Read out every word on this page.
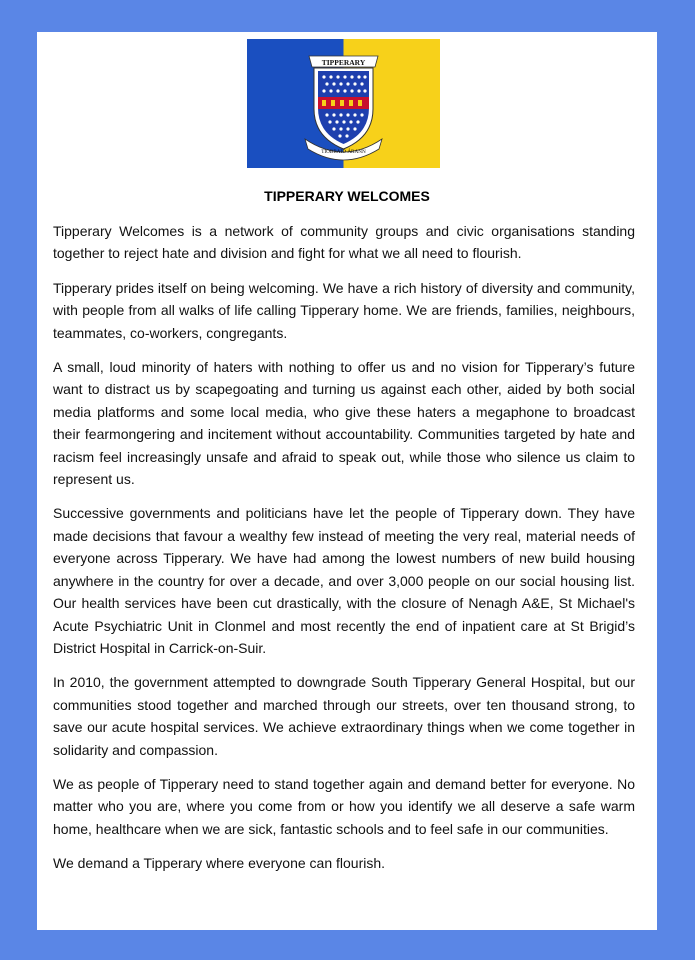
TIPPERARY
TIOBRAID ÁRANN
TIPPERARY WELCOMES

Tipperary Welcomes is a network of community groups and civic organisations standing together to reject hate and division and fight for what we all need to flourish.

Tipperary prides itself on being welcoming. We have a rich history of diversity and community, with people from all walks of life calling Tipperary home. We are friends, families, neighbours, teammates, co-workers, congregants.

A small, loud minority of haters with nothing to offer us and no vision for Tipperary’s future want to distract us by scapegoating and turning us against each other, aided by both social media platforms and some local media, who give these haters a megaphone to broadcast their fearmongering and incitement without accountability. Communities targeted by hate and racism feel increasingly unsafe and afraid to speak out, while those who silence us claim to represent us.

Successive governments and politicians have let the people of Tipperary down. They have made decisions that favour a wealthy few instead of meeting the very real, material needs of everyone across Tipperary. We have had among the lowest numbers of new build housing anywhere in the country for over a decade, and over 3,000 people on our social housing list. Our health services have been cut drastically, with the closure of Nenagh A&E, St Michael's Acute Psychiatric Unit in Clonmel and most recently the end of inpatient care at St Brigid’s District Hospital in Carrick-on-Suir.

In 2010, the government attempted to downgrade South Tipperary General Hospital, but our communities stood together and marched through our streets, over ten thousand strong, to save our acute hospital services. We achieve extraordinary things when we come together in solidarity and compassion.

We as people of Tipperary need to stand together again and demand better for everyone. No matter who you are, where you come from or how you identify we all deserve a safe warm home, healthcare when we are sick, fantastic schools and to feel safe in our communities.

We demand a Tipperary where everyone can flourish.
